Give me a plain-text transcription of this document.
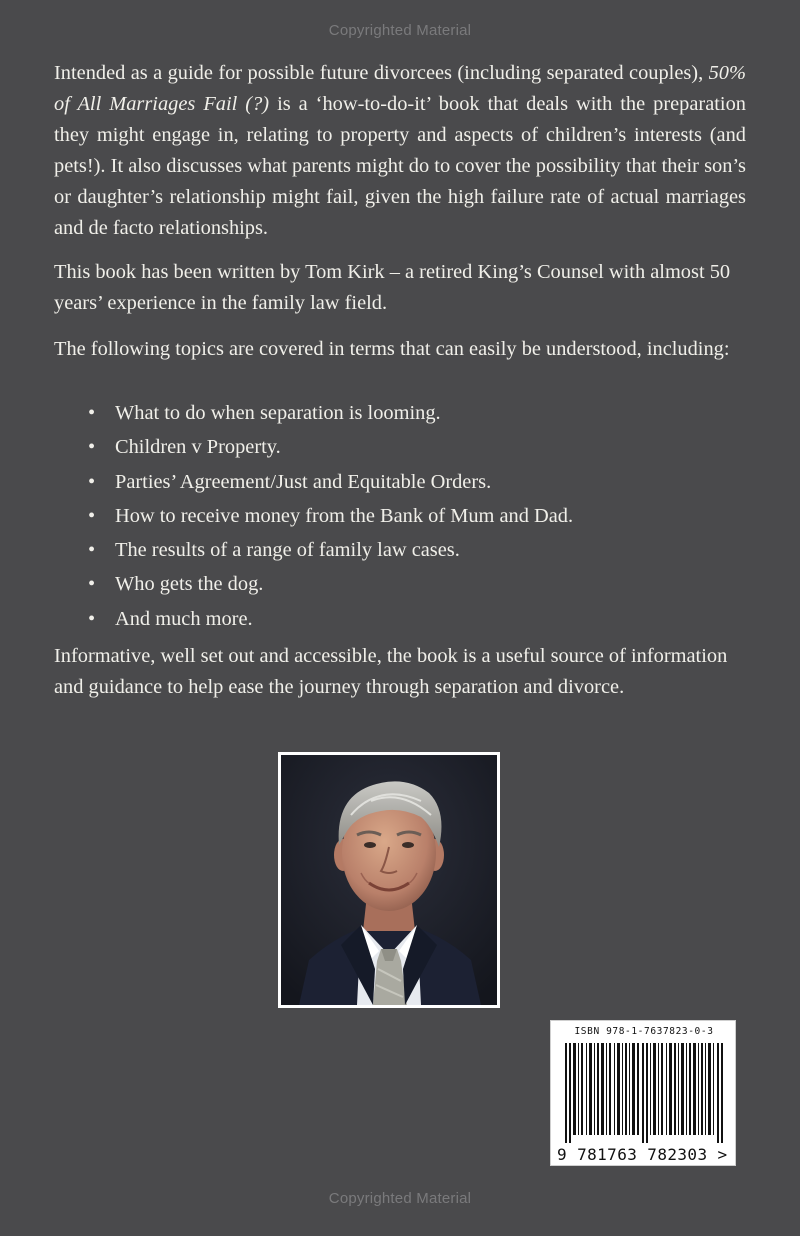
Copyrighted Material
Intended as a guide for possible future divorcees (including separated couples), 50% of All Marriages Fail (?) is a ‘how-to-do-it’ book that deals with the preparation they might engage in, relating to property and aspects of children’s interests (and pets!). It also discusses what parents might do to cover the possibility that their son’s or daughter’s relationship might fail, given the high failure rate of actual marriages and de facto relationships.
This book has been written by Tom Kirk – a retired King’s Counsel with almost 50 years’ experience in the family law field.
The following topics are covered in terms that can easily be understood, including:
• What to do when separation is looming.
• Children v Property.
• Parties’ Agreement/Just and Equitable Orders.
• How to receive money from the Bank of Mum and Dad.
• The results of a range of family law cases.
• Who gets the dog.
• And much more.
Informative, well set out and accessible, the book is a useful source of information and guidance to help ease the journey through separation and divorce.
ISBN 978-1-7637823-0-3
9 781763 782303 >
Copyrighted Material
